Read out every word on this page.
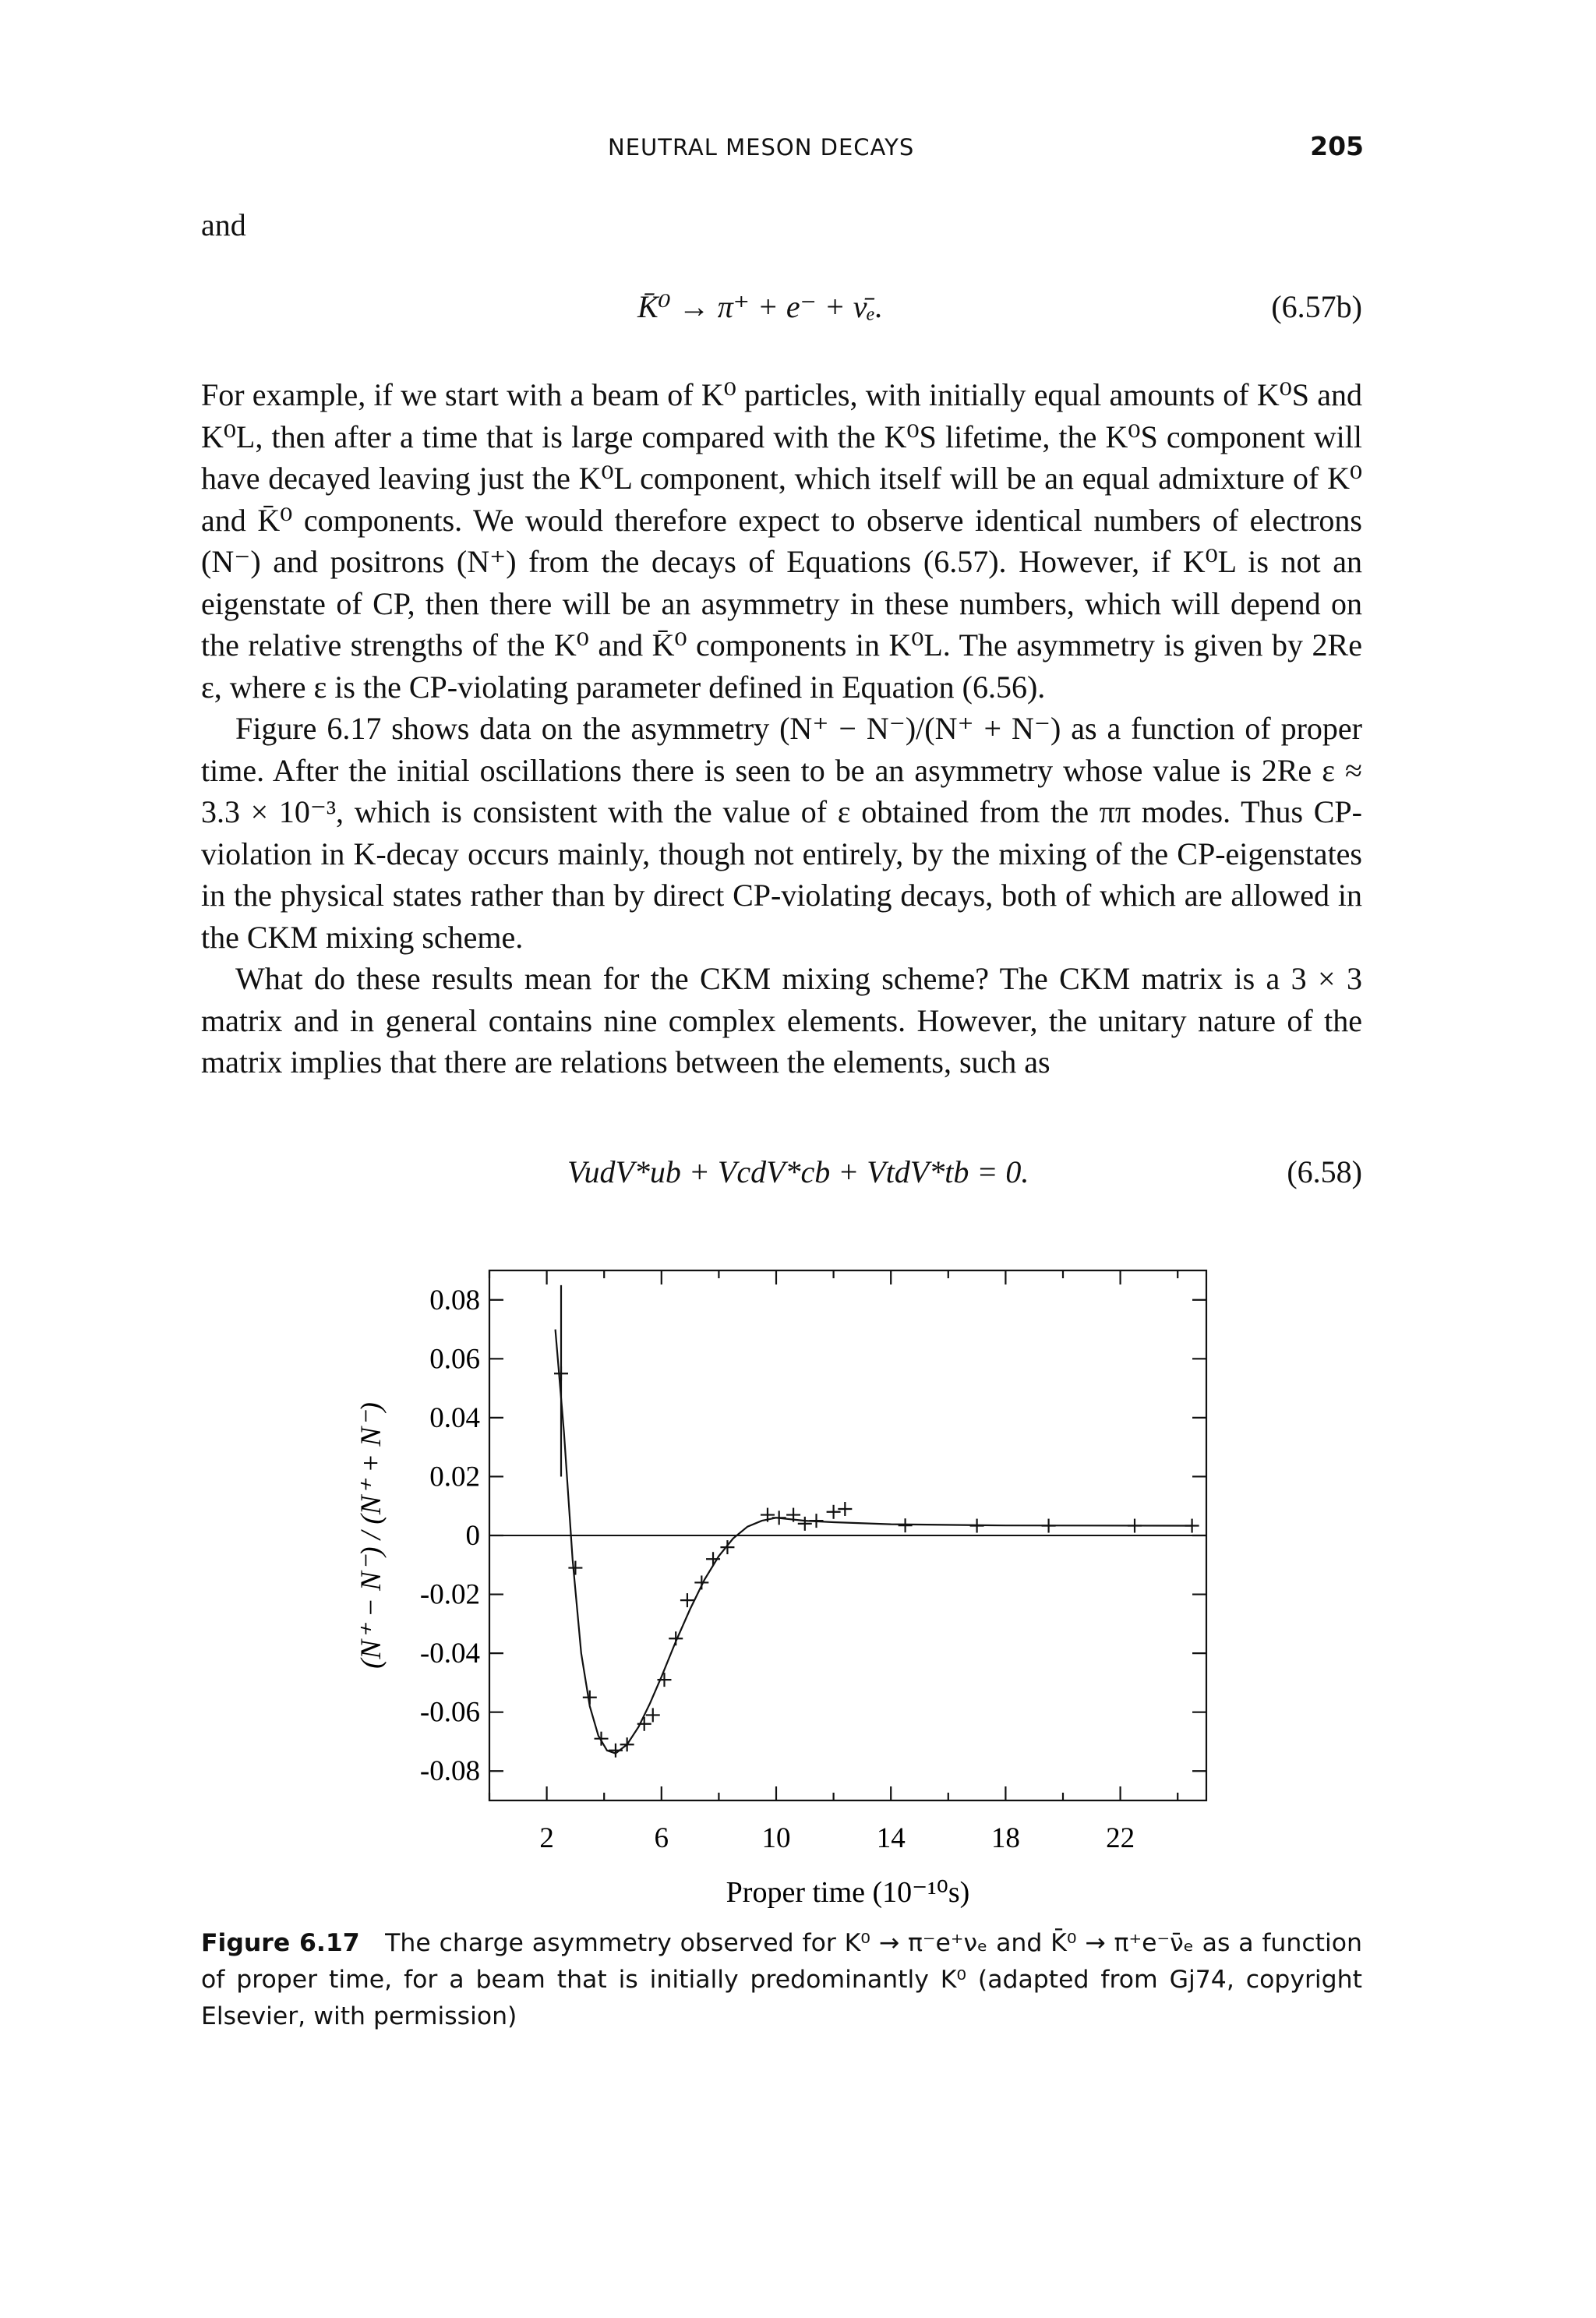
NEUTRAL MESON DECAYS	205

and

K̄⁰ → π⁺ + e⁻ + ν̄ₑ.	(6.57b)

For example, if we start with a beam of K⁰ particles, with initially equal amounts of K⁰S and K⁰L, then after a time that is large compared with the K⁰S lifetime, the K⁰S component will have decayed leaving just the K⁰L component, which itself will be an equal admixture of K⁰ and K̄⁰ components. We would therefore expect to observe identical numbers of electrons (N⁻) and positrons (N⁺) from the decays of Equations (6.57). However, if K⁰L is not an eigenstate of CP, then there will be an asymmetry in these numbers, which will depend on the relative strengths of the K⁰ and K̄⁰ components in K⁰L. The asymmetry is given by 2Re ε, where ε is the CP-violating parameter defined in Equation (6.56).

Figure 6.17 shows data on the asymmetry (N⁺ − N⁻)/(N⁺ + N⁻) as a function of proper time. After the initial oscillations there is seen to be an asymmetry whose value is 2Re ε ≈ 3.3 × 10⁻³, which is consistent with the value of ε obtained from the ππ modes. Thus CP-violation in K-decay occurs mainly, though not entirely, by the mixing of the CP-eigenstates in the physical states rather than by direct CP-violating decays, both of which are allowed in the CKM mixing scheme.

What do these results mean for the CKM mixing scheme? The CKM matrix is a 3 × 3 matrix and in general contains nine complex elements. However, the unitary nature of the matrix implies that there are relations between the elements, such as

VudV*ub + VcdV*cb + VtdV*tb = 0.	(6.58)
2	6	10	14	18	22
0.08
0.06
0.04
0.02
0
-0.02
-0.04
-0.06
-0.08
Proper time (10⁻¹⁰s)
(N⁺ − N⁻) / (N⁺ + N⁻)
Figure 6.17 The charge asymmetry observed for K⁰ → π⁻e⁺νₑ and K̄⁰ → π⁺e⁻ν̄ₑ as a function of proper time, for a beam that is initially predominantly K⁰ (adapted from Gj74, copyright Elsevier, with permission)
